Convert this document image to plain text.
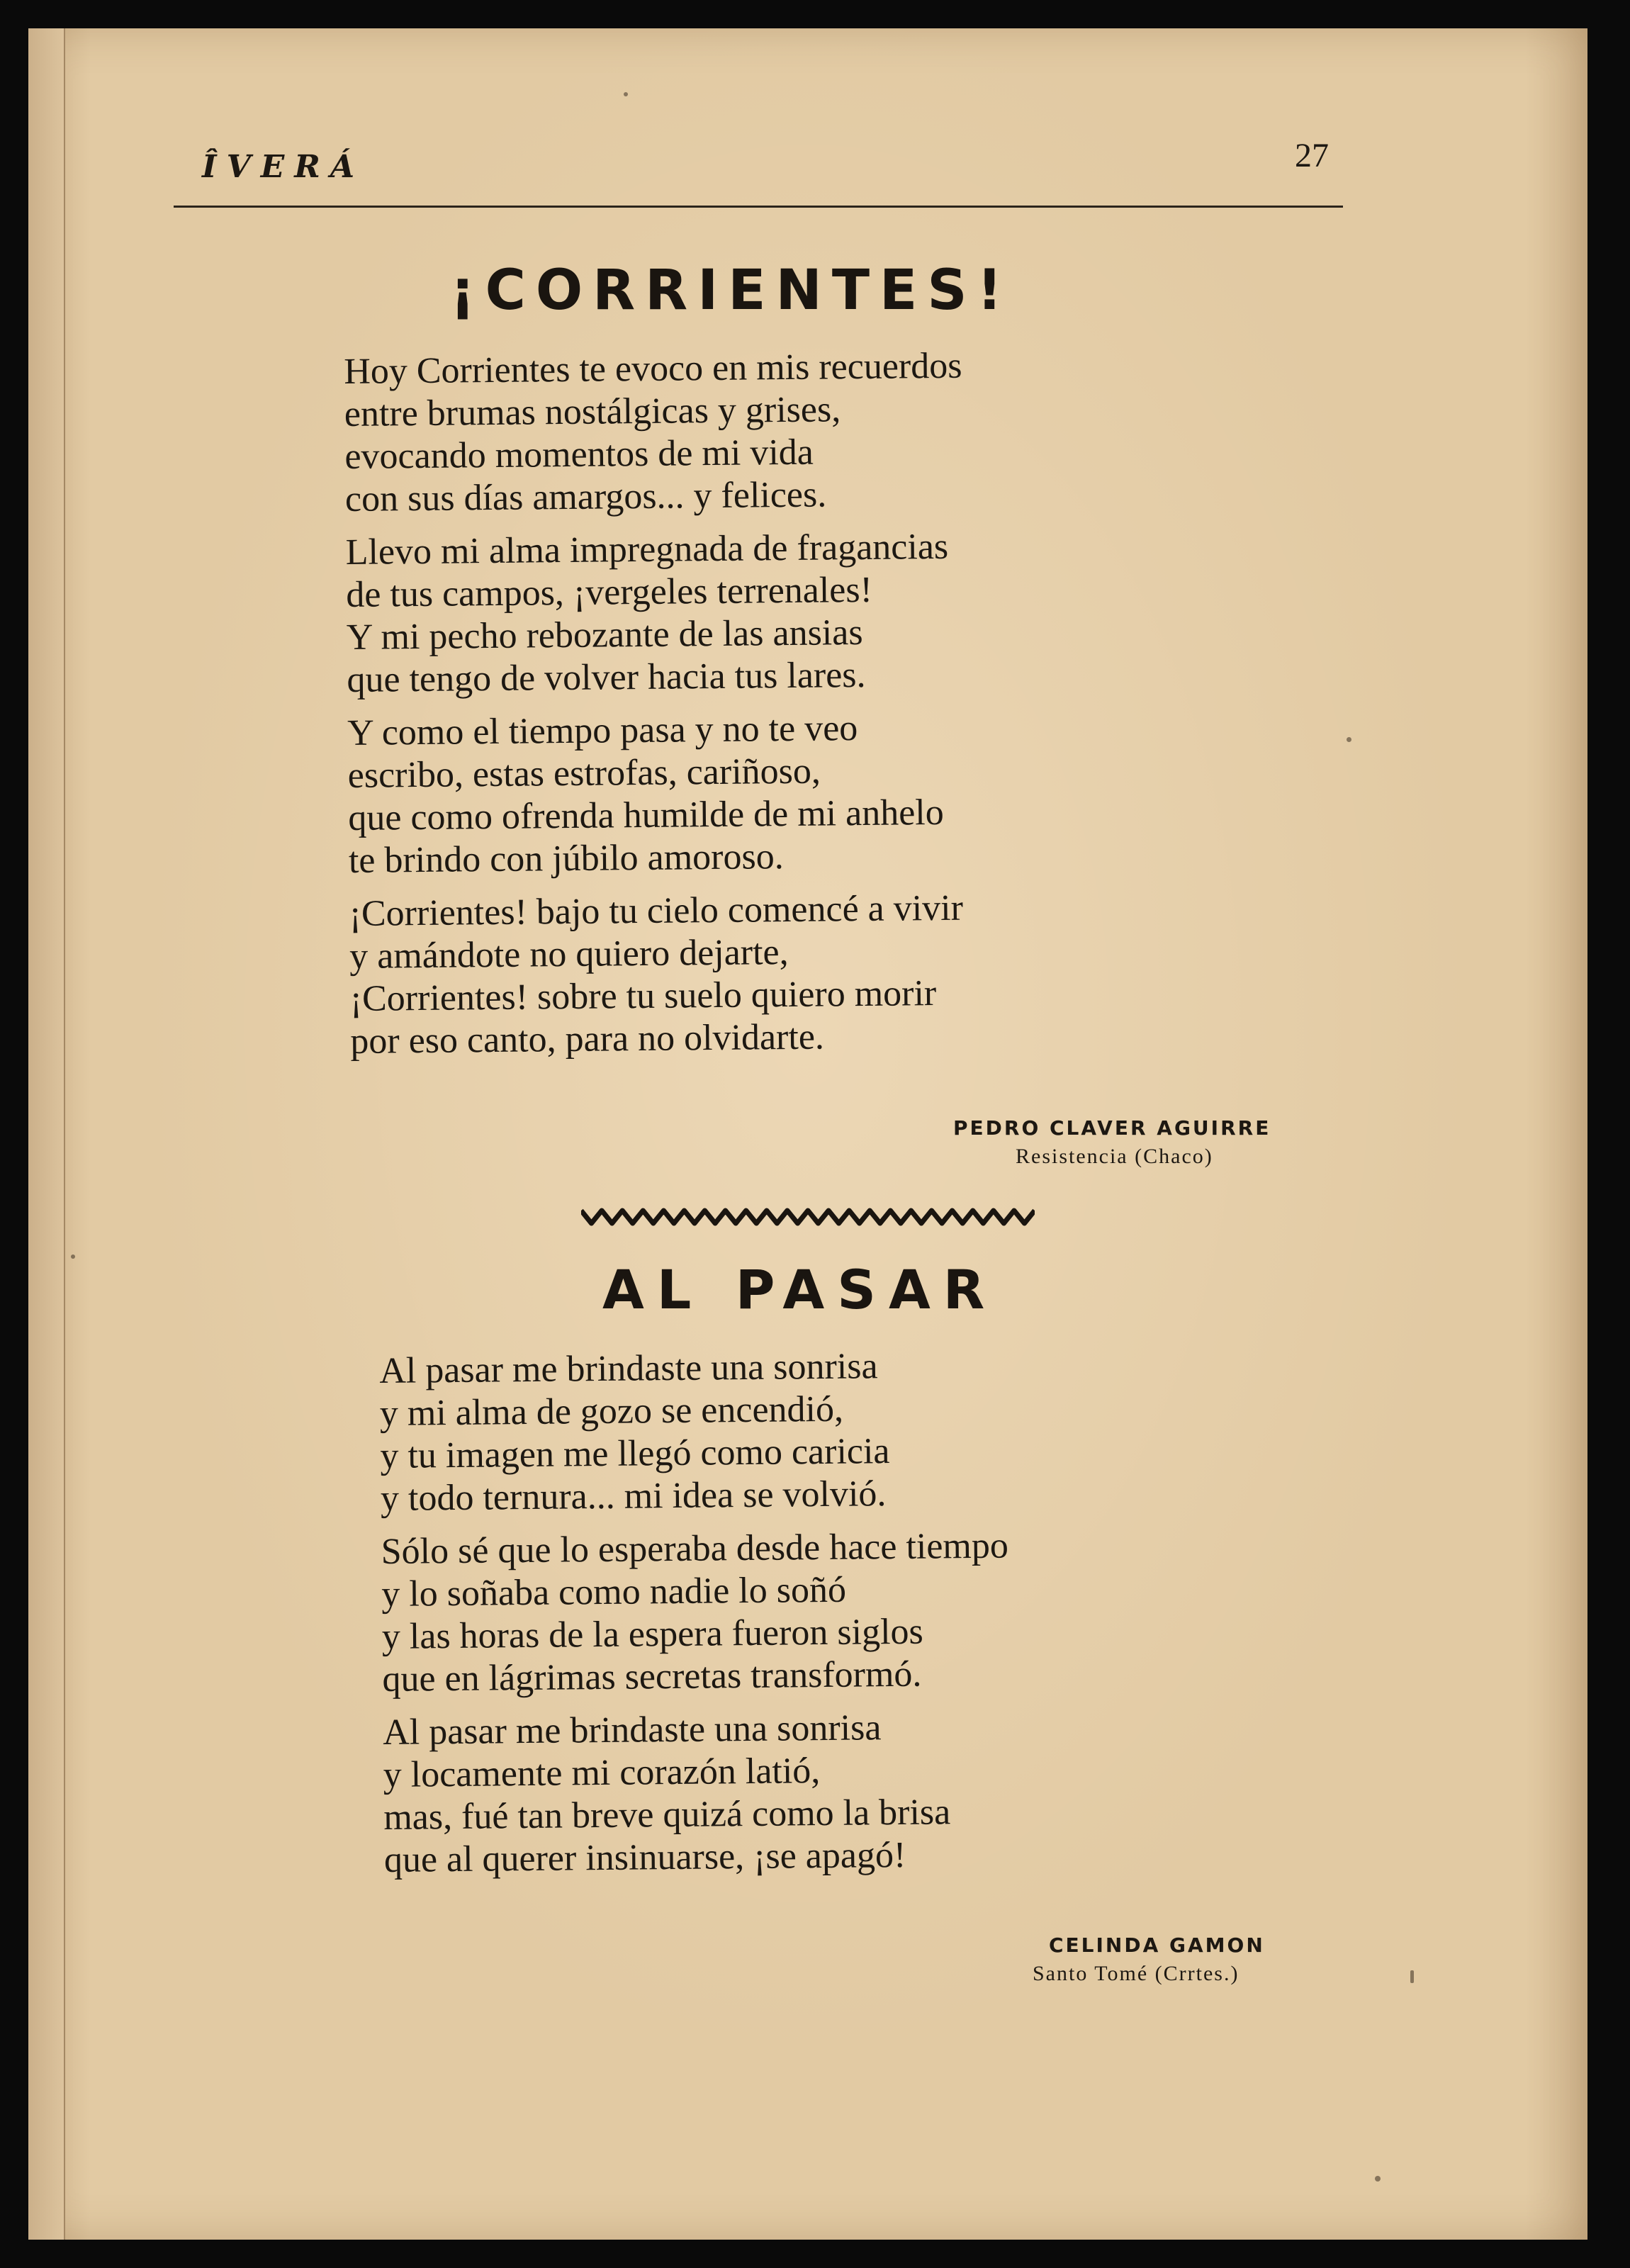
ÎVERÁ	27
¡CORRIENTES!
Hoy Corrientes te evoco en mis recuerdos
entre brumas nostálgicas y grises,
evocando momentos de mi vida
con sus días amargos... y felices.
Llevo mi alma impregnada de fragancias
de tus campos, ¡vergeles terrenales!
Y mi pecho rebozante de las ansias
que tengo de volver hacia tus lares.
Y como el tiempo pasa y no te veo
escribo, estas estrofas, cariñoso,
que como ofrenda humilde de mi anhelo
te brindo con júbilo amoroso.
¡Corrientes! bajo tu cielo comencé a vivir
y amándote no quiero dejarte,
¡Corrientes! sobre tu suelo quiero morir
por eso canto, para no olvidarte.
PEDRO CLAVER AGUIRRE
Resistencia (Chaco)
AL PASAR
Al pasar me brindaste una sonrisa
y mi alma de gozo se encendió,
y tu imagen me llegó como caricia
y todo ternura... mi idea se volvió.
Sólo sé que lo esperaba desde hace tiempo
y lo soñaba como nadie lo soñó
y las horas de la espera fueron siglos
que en lágrimas secretas transformó.
Al pasar me brindaste una sonrisa
y locamente mi corazón latió,
mas, fué tan breve quizá como la brisa
que al querer insinuarse, ¡se apagó!
CELINDA GAMON
Santo Tomé (Crrtes.)
